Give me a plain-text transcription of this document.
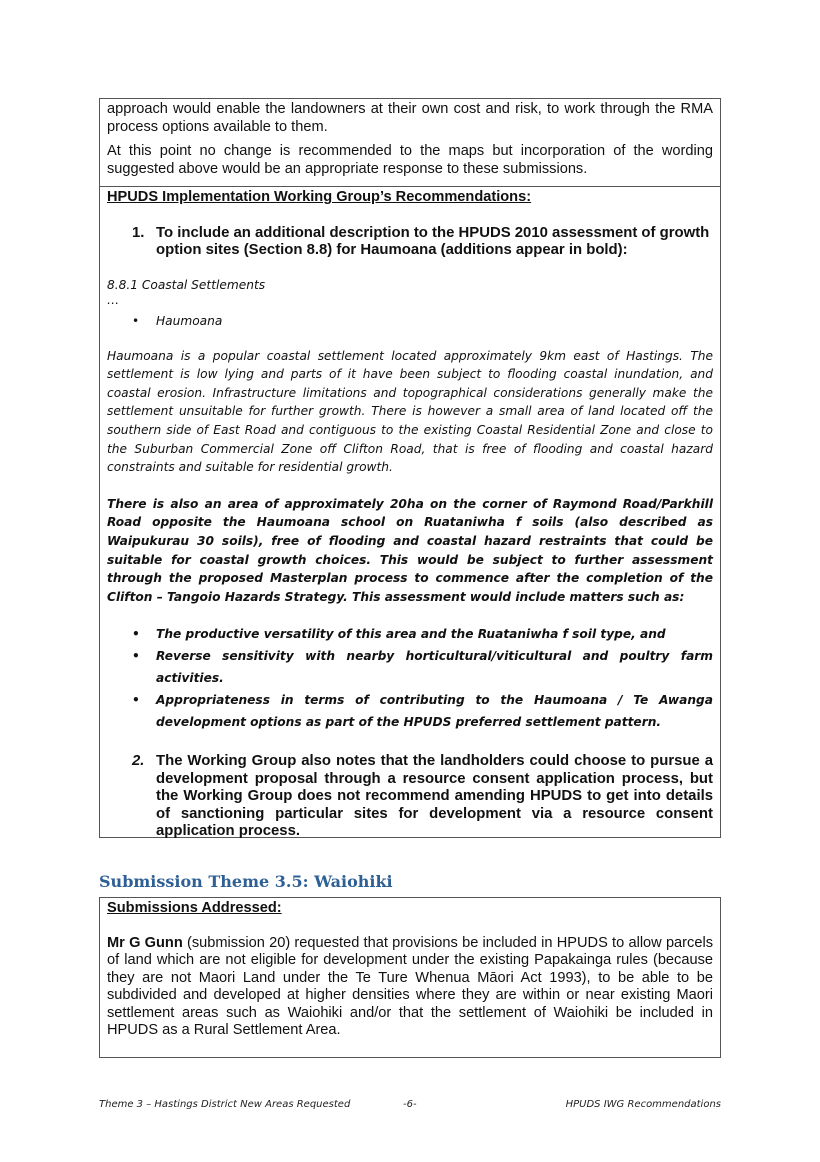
approach would enable the landowners at their own cost and risk, to work through the RMA process options available to them.

At this point no change is recommended to the maps but incorporation of the wording suggested above would be an appropriate response to these submissions.

HPUDS Implementation Working Group’s Recommendations:

1. To include an additional description to the HPUDS 2010 assessment of growth option sites (Section 8.8) for Haumoana (additions appear in bold):

8.8.1 Coastal Settlements

…

• Haumoana

Haumoana is a popular coastal settlement located approximately 9km east of Hastings. The settlement is low lying and parts of it have been subject to flooding coastal inundation, and coastal erosion. Infrastructure limitations and topographical considerations generally make the settlement unsuitable for further growth. There is however a small area of land located off the southern side of East Road and contiguous to the existing Coastal Residential Zone and close to the Suburban Commercial Zone off Clifton Road, that is free of flooding and coastal hazard constraints and suitable for residential growth.

There is also an area of approximately 20ha on the corner of Raymond Road/Parkhill Road opposite the Haumoana school on Ruataniwha f soils (also described as Waipukurau 30 soils), free of flooding and coastal hazard restraints that could be suitable for coastal growth choices. This would be subject to further assessment through the proposed Masterplan process to commence after the completion of the Clifton – Tangoio Hazards Strategy. This assessment would include matters such as:

• The productive versatility of this area and the Ruataniwha f soil type, and
• Reverse sensitivity with nearby horticultural/viticultural and poultry farm activities.
• Appropriateness in terms of contributing to the Haumoana / Te Awanga development options as part of the HPUDS preferred settlement pattern.
2. The Working Group also notes that the landholders could choose to pursue a development proposal through a resource consent application process, but the Working Group does not recommend amending HPUDS to get into details of sanctioning particular sites for development via a resource consent application process.
Submission Theme 3.5: Waiohiki

Submissions Addressed:

Mr G Gunn (submission 20) requested that provisions be included in HPUDS to allow parcels of land which are not eligible for development under the existing Papakainga rules (because they are not Maori Land under the Te Ture Whenua Māori Act 1993), to be able to be subdivided and developed at higher densities where they are within or near existing Maori settlement areas such as Waiohiki and/or that the settlement of Waiohiki be included in HPUDS as a Rural Settlement Area.

Theme 3 – Hastings District New Areas Requested	-6-	HPUDS IWG Recommendations
